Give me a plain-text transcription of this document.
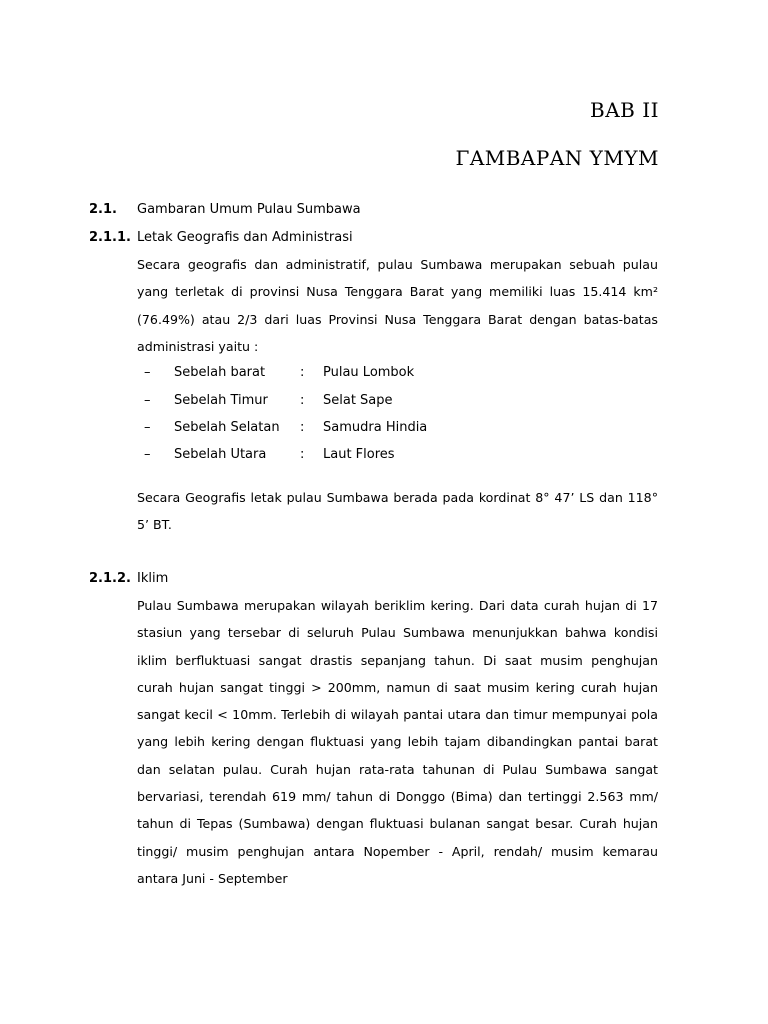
BAB II
ΓΑΜΒΑΡΑΝ ΥΜΥΜ
2.1. Gambaran Umum Pulau Sumbawa
2.1.1. Letak Geografis dan Administrasi

Secara geografis dan administratif, pulau Sumbawa merupakan sebuah pulau yang terletak di provinsi Nusa Tenggara Barat yang memiliki luas 15.414 km² (76.49%) atau 2/3 dari luas Provinsi Nusa Tenggara Barat dengan batas-batas administrasi yaitu :

– Sebelah barat	: Pulau Lombok
– Sebelah Timur : Selat Sape
– Sebelah Selatan : Samudra Hindia
– Sebelah Utara	: Laut Flores

Secara Geografis letak pulau Sumbawa berada pada kordinat 8° 47’ LS dan 118° 5’ BT.

2.1.2. Iklim

Pulau Sumbawa merupakan wilayah beriklim kering. Dari data curah hujan di 17 stasiun yang tersebar di seluruh Pulau Sumbawa menunjukkan bahwa kondisi iklim berfluktuasi sangat drastis sepanjang tahun. Di saat musim penghujan curah hujan sangat tinggi > 200mm, namun di saat musim kering curah hujan sangat kecil < 10mm. Terlebih di wilayah pantai utara dan timur mempunyai pola yang lebih kering dengan fluktuasi yang lebih tajam dibandingkan pantai barat dan selatan pulau. Curah hujan rata-rata tahunan di Pulau Sumbawa sangat bervariasi, terendah 619 mm/ tahun di Donggo (Bima) dan tertinggi 2.563 mm/ tahun di Tepas (Sumbawa) dengan fluktuasi bulanan sangat besar. Curah hujan tinggi/ musim penghujan antara Nopember - April, rendah/ musim kemarau antara Juni - September
